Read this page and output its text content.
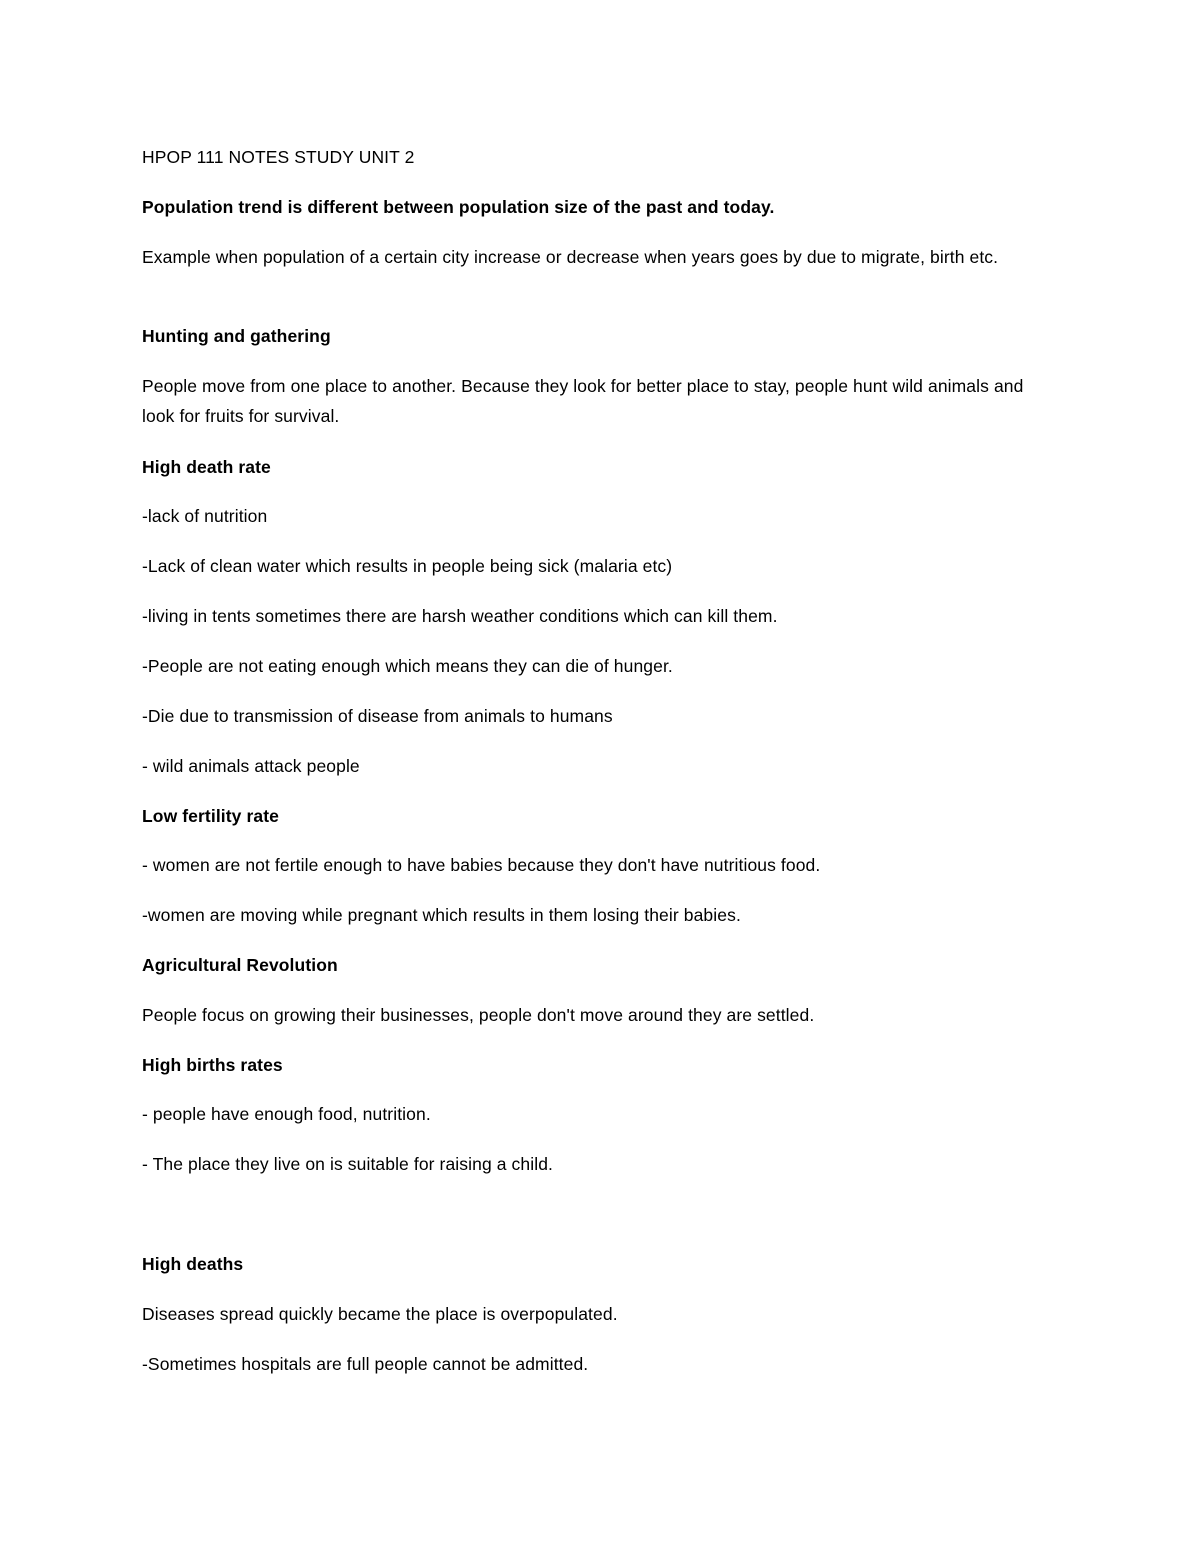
HPOP 111 NOTES STUDY UNIT 2
Population trend is different between population size of the past and today.
Example when population of a certain city increase or decrease when years goes by due to migrate, birth etc.
Hunting and gathering
People move from one place to another. Because they look for better place to stay, people hunt wild animals and look for fruits for survival.
High death rate
-lack of nutrition
-Lack of clean water which results in people being sick (malaria etc)
-living in tents sometimes there are harsh weather conditions which can kill them.
-People are not eating enough which means they can die of hunger.
-Die due to transmission of disease from animals to humans
- wild animals attack people
Low fertility rate
- women are not fertile enough to have babies because they don't have nutritious food.
-women are moving while pregnant which results in them losing their babies.
Agricultural Revolution
People focus on growing their businesses, people don't move around they are settled.
High births rates
- people have enough food, nutrition.
- The place they live on is suitable for raising a child.
High deaths
Diseases spread quickly became the place is overpopulated.
-Sometimes hospitals are full people cannot be admitted.
